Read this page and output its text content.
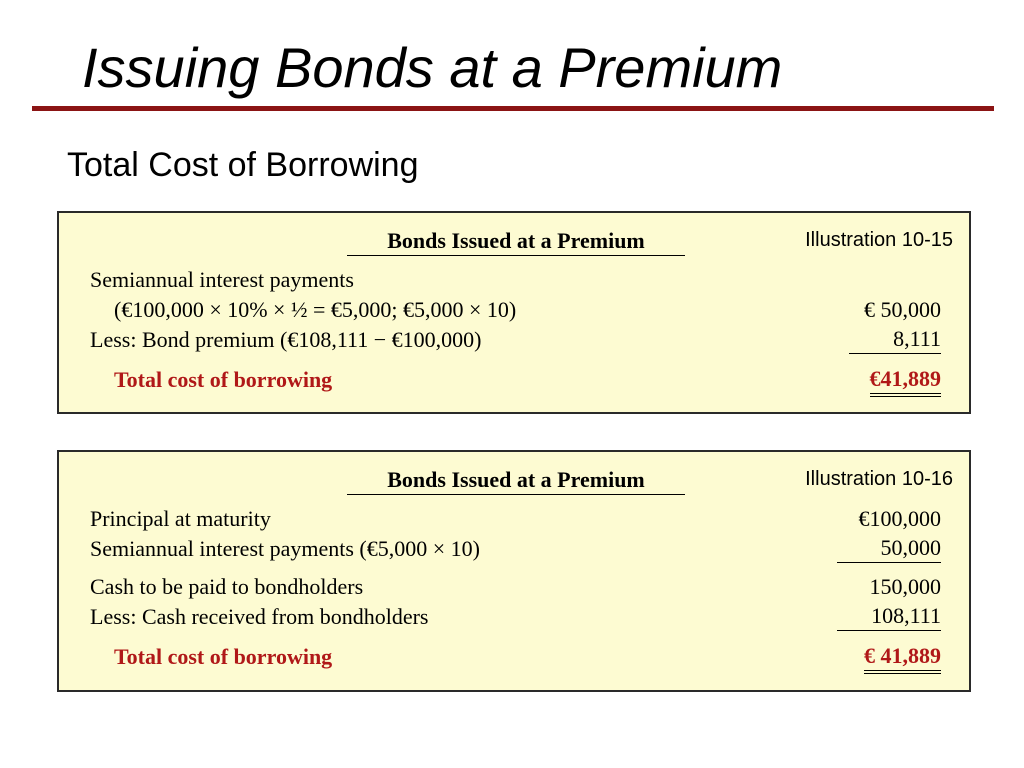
Issuing Bonds at a Premium
Total Cost of Borrowing
Illustration 10-15
Bonds Issued at a Premium
Semiannual interest payments
(€100,000 × 10% × ½ = €5,000; €5,000 × 10)	€ 50,000
Less: Bond premium (€108,111 − €100,000)	8,111
Total cost of borrowing	€41,889
Illustration 10-16
Bonds Issued at a Premium
Principal at maturity	€100,000
Semiannual interest payments (€5,000 × 10)	50,000
Cash to be paid to bondholders	150,000
Less: Cash received from bondholders	108,111
Total cost of borrowing	€ 41,889
